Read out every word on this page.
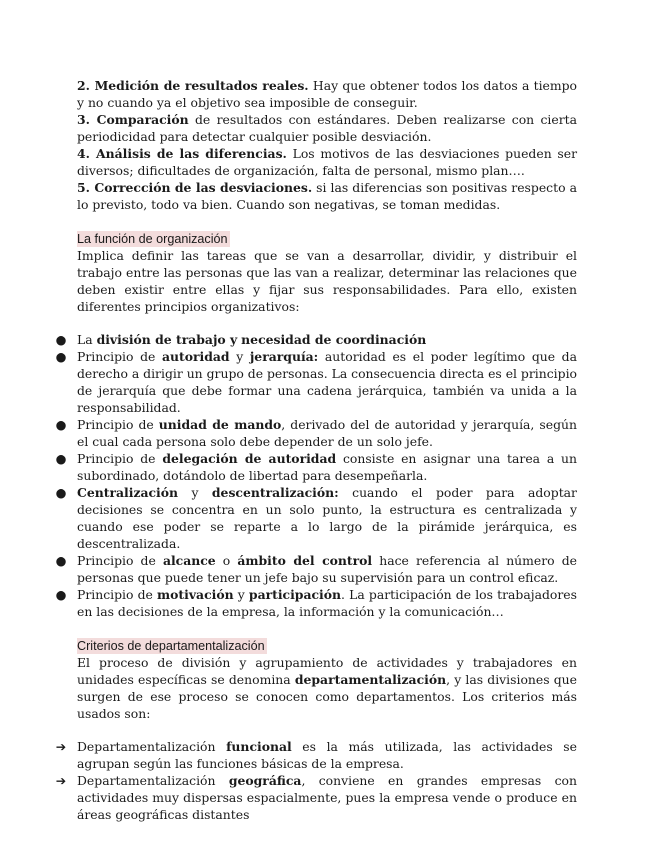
2. Medición de resultados reales. Hay que obtener todos los datos a tiempo y no cuando ya el objetivo sea imposible de conseguir.

3. Comparación de resultados con estándares. Deben realizarse con cierta periodicidad para detectar cualquier posible desviación.

4. Análisis de las diferencias. Los motivos de las desviaciones pueden ser diversos; dificultades de organización, falta de personal, mismo plan….

5. Corrección de las desviaciones. si las diferencias son positivas respecto a lo previsto, todo va bien. Cuando son negativas, se toman medidas.

La función de organización

Implica definir las tareas que se van a desarrollar, dividir, y distribuir el trabajo entre las personas que las van a realizar, determinar las relaciones que deben existir entre ellas y fijar sus responsabilidades. Para ello, existen diferentes principios organizativos:

● La división de trabajo y necesidad de coordinación
● Principio de autoridad y jerarquía: autoridad es el poder legítimo que da derecho a dirigir un grupo de personas. La consecuencia directa es el principio de jerarquía que debe formar una cadena jerárquica, también va unida a la responsabilidad.
● Principio de unidad de mando, derivado del de autoridad y jerarquía, según el cual cada persona solo debe depender de un solo jefe.
● Principio de delegación de autoridad consiste en asignar una tarea a un subordinado, dotándolo de libertad para desempeñarla.
● Centralización y descentralización: cuando el poder para adoptar decisiones se concentra en un solo punto, la estructura es centralizada y cuando ese poder se reparte a lo largo de la pirámide jerárquica, es descentralizada.
● Principio de alcance o ámbito del control hace referencia al número de personas que puede tener un jefe bajo su supervisión para un control eficaz.
● Principio de motivación y participación. La participación de los trabajadores en las decisiones de la empresa, la información y la comunicación…
Criterios de departamentalización

El proceso de división y agrupamiento de actividades y trabajadores en unidades específicas se denomina departamentalización, y las divisiones que surgen de ese proceso se conocen como departamentos. Los criterios más usados son:

➔ Departamentalización funcional es la más utilizada, las actividades se agrupan según las funciones básicas de la empresa.
➔ Departamentalización geográfica, conviene en grandes empresas con actividades muy dispersas espacialmente, pues la empresa vende o produce en áreas geográficas distantes
